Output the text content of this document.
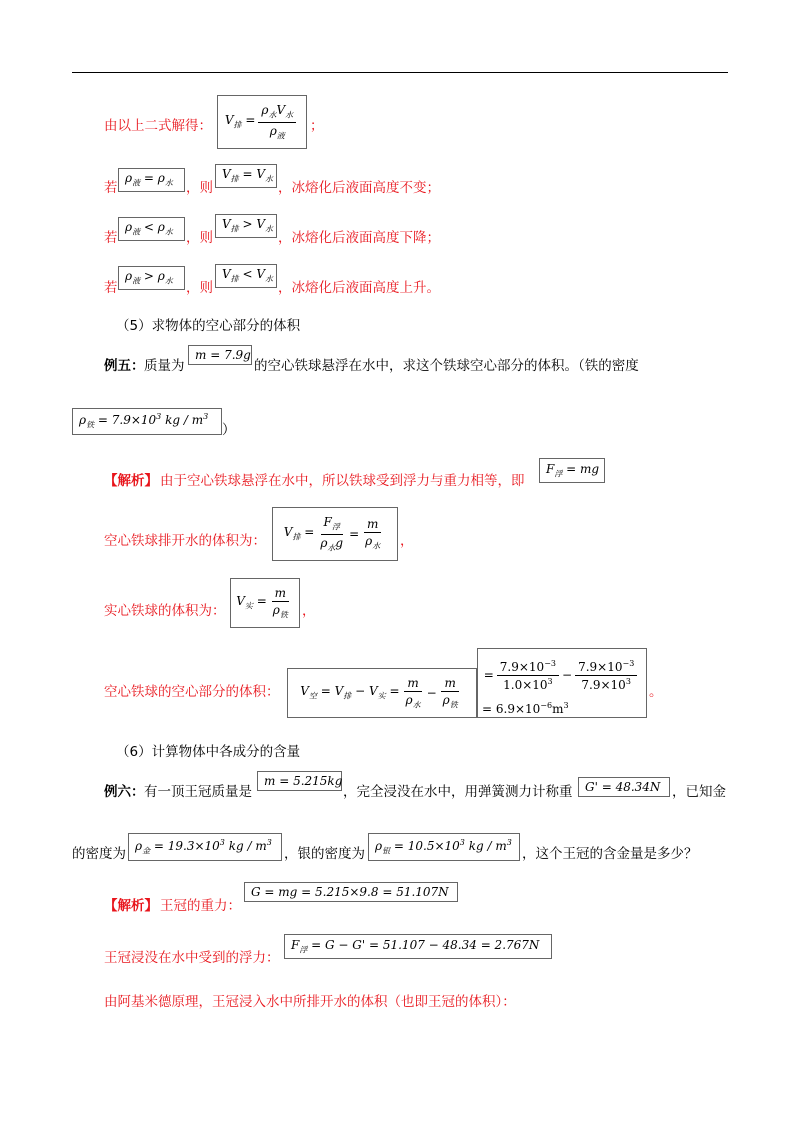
由以上二式解得： $V_排 = \frac{\rho_水V_水}{\rho_液}$ ；
若
$\rho_液 = \rho_水$ ，则
$V_排 = V_水$
，冰熔化后液面高度不变；
若
$\rho_液 < \rho_水$ ，则
$V_排 > V_水$
，冰熔化后液面高度下降；
若
$\rho_液 > \rho_水$ ，则
$V_排 < V_水$
，冰熔化后液面高度上升。
（5）求物体的空心部分的体积
例五： 质量为
m = 7.9g
的空心铁球悬浮在水中，求这个铁球空心部分的体积。（铁的密度
$\rho_铁 = 7.9\times 10^3$ kg / $m^3$
）
【解析】 由于空心铁球悬浮在水中，所以铁球受到浮力与重力相等，即
$F_浮$ = mg
空心铁球排开水的体积为：
$V_排 = \frac{F_浮}{\rho_水g} = \frac{m}{\rho_水}$ ，
实心铁球的体积为：
$V_实 = \frac{m}{\rho_铁}$ ，
空心铁球的空心部分的体积： $V_空 = V_排 - V_实 = \frac{m}{\rho_水} - \frac{m}{\rho_铁}$
= $\frac{7.9\times 10^{-3}}{1.0\times 10^3} - \frac{7.9\times 10^{-3}}{7.9\times 10^3}$
= $6.9\times 10^{-6}m^3$
。
（6）计算物体中各成分的含量
例六： 有一顶王冠质量是
m = 5.215kg
，完全浸没在水中，用弹簧测力计称重 G' = 48.34N ，已知金
的密度为
$\rho_金 = 19.3\times 10^3$ kg / $m^3$
，银的密度为
$\rho_银 = 10.5\times 10^3$ kg / $m^3$
，这个王冠的含金量是多少？
【解析】 王冠的重力：
G = mg = 5.215×9.8 = 51.107N
王冠浸没在水中受到的浮力：
$F_浮 = G - G' = 51.107 - 48.34 = 2.767N$
由阿基米德原理，王冠浸入水中所排开水的体积（也即王冠的体积）：
